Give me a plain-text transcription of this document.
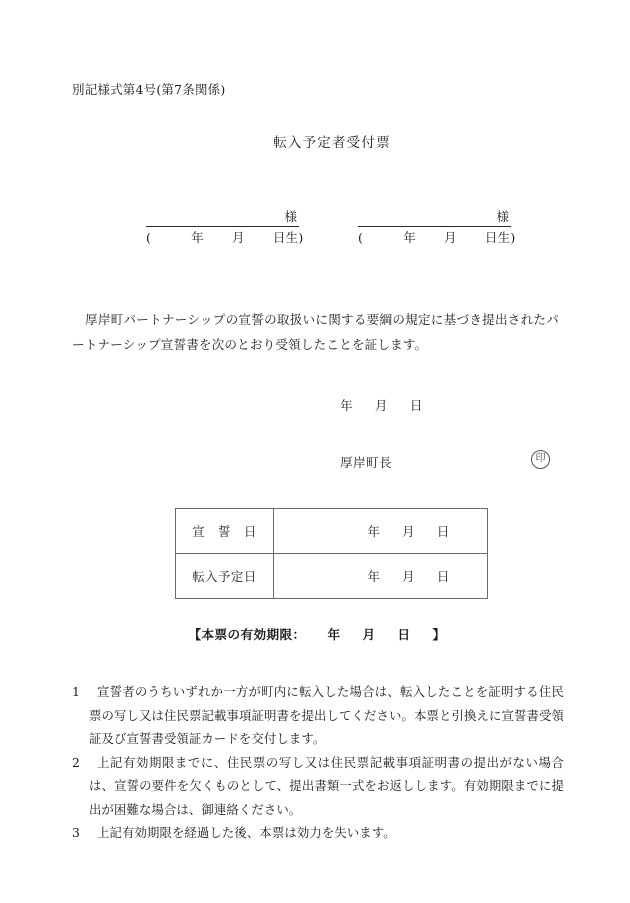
別記様式第4号(第7条関係)
転入予定者受付票
様
(	年 月 日生)
様
(	年 月 日生)
厚岸町パートナーシップの宣誓の取扱いに関する要綱の規定に基づき提出されたパートナーシップ宣誓書を次のとおり受領したことを証します。
年 月 日
厚岸町長	印
宣　誓　日	年 月 日
転入予定日	年 月 日
【本票の有効期限： 年 月 日 】
1	宣誓者のうちいずれか一方が町内に転入した場合は、転入したことを証明する住民票の写し又は住民票記載事項証明書を提出してください。本票と引換えに宣誓書受領証及び宣誓書受領証カードを交付します。
2	上記有効期限までに、住民票の写し又は住民票記載事項証明書の提出がない場合は、宣誓の要件を欠くものとして、提出書類一式をお返しします。有効期限までに提出が困難な場合は、御連絡ください。
3	上記有効期限を経過した後、本票は効力を失います。
